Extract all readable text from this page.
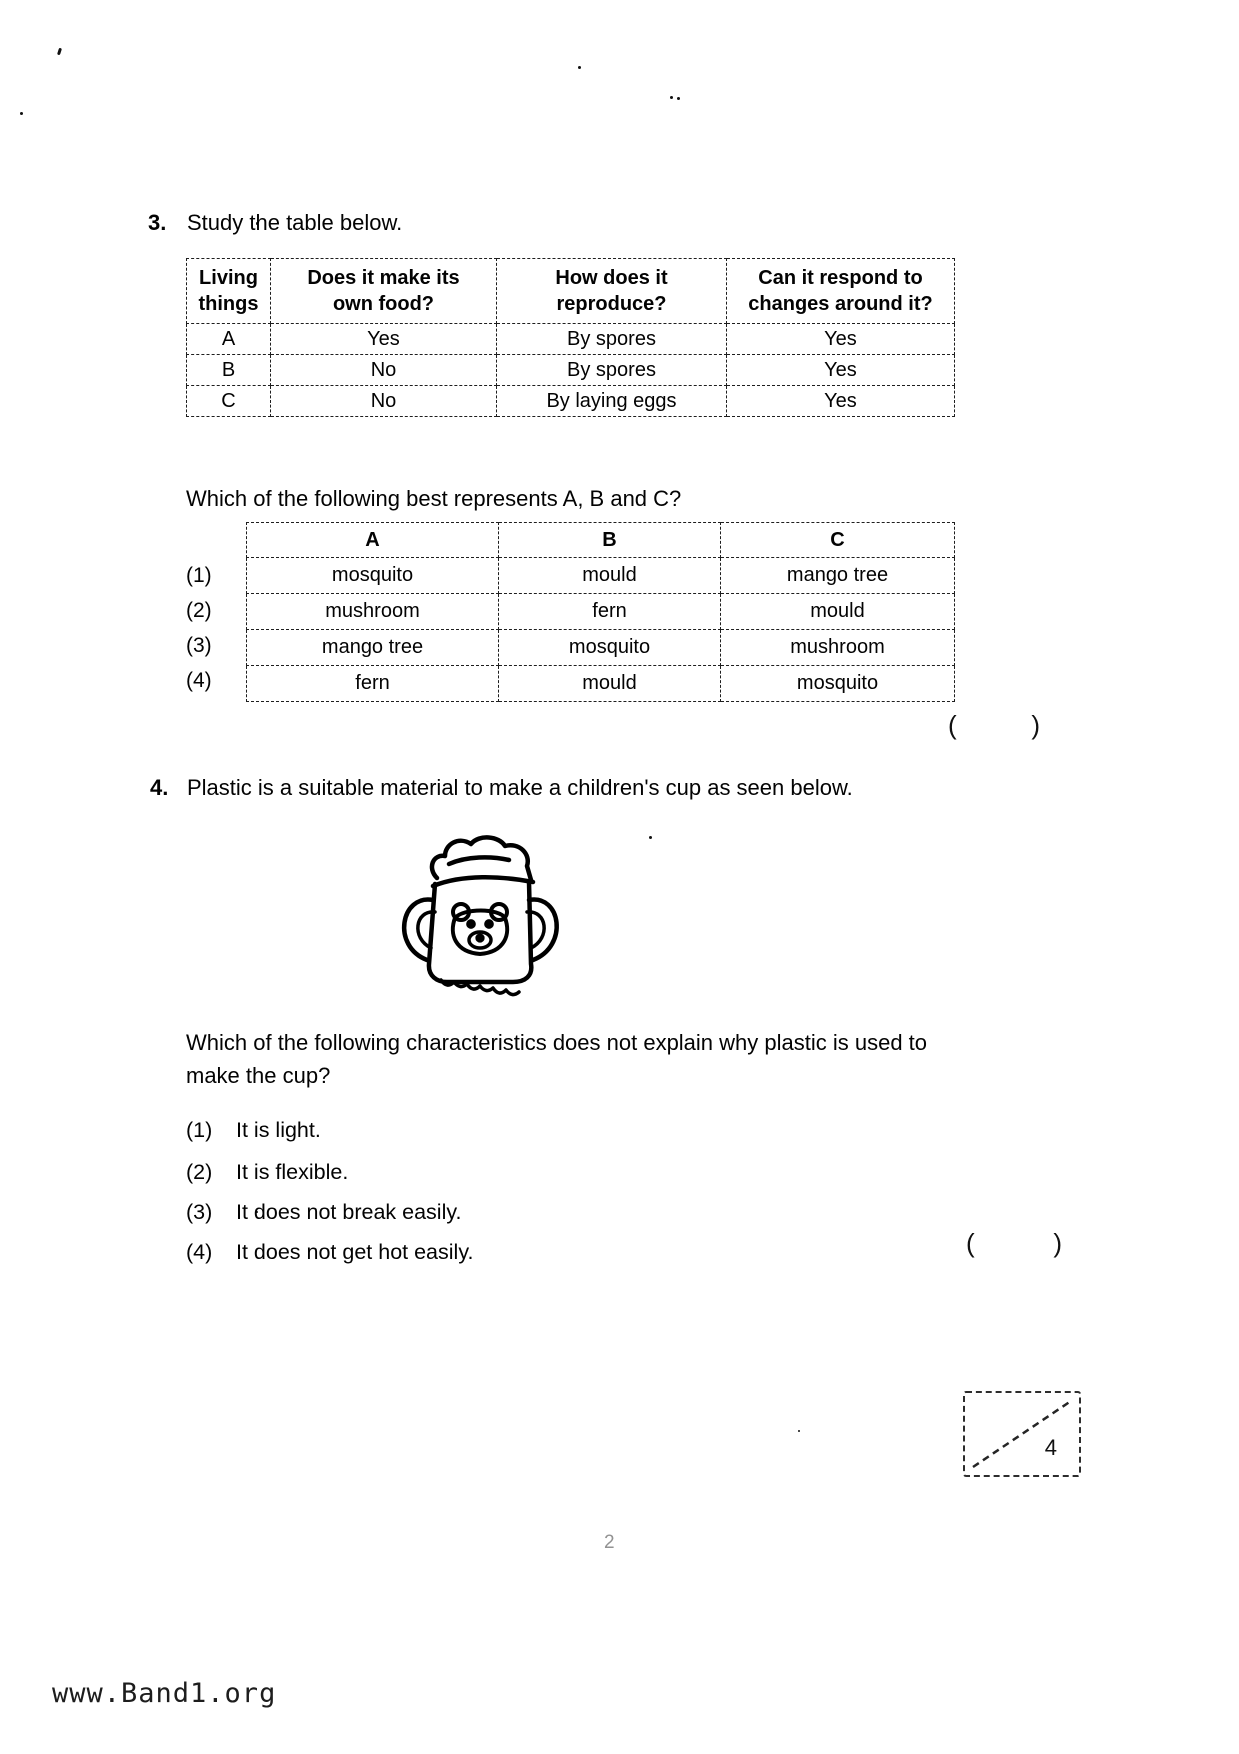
3. Study the table below.
Living things	Does it make its own food?	How does it reproduce?	Can it respond to changes around it?
A	Yes	By spores	Yes
B	No	By spores	Yes
C	No	By laying eggs	Yes
Which of the following best represents A, B and C?
(1)
(2)
(3)
(4)
A	B	C
mosquito	mould	mango tree
mushroom	fern	mould
mango tree	mosquito	mushroom
fern	mould	mosquito
(	)
4. Plastic is a suitable material to make a children's cup as seen below.
Which of the following characteristics does not explain why plastic is used to make the cup?
(1)	It is light.
(2)	It is flexible.
(3)	It does not break easily.
(4)	It does not get hot easily.	(	)
4
2
www.Band1.org
